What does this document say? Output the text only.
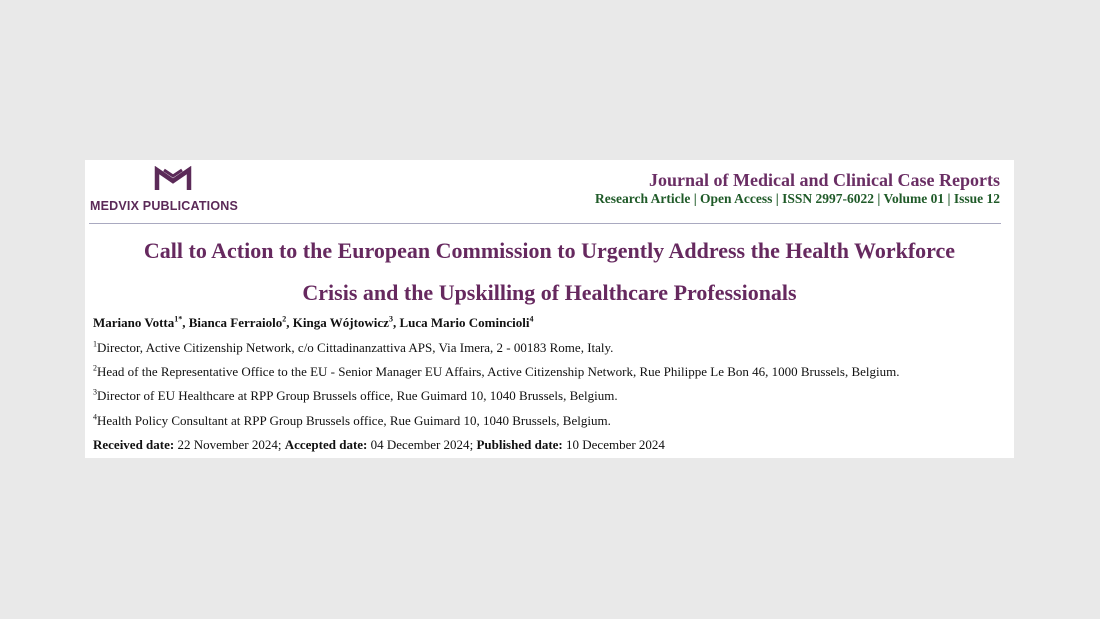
MEDVIX PUBLICATIONS
Journal of Medical and Clinical Case Reports
Research Article | Open Access | ISSN 2997-6022 | Volume 01 | Issue 12
Call to Action to the European Commission to Urgently Address the Health Workforce
Crisis and the Upskilling of Healthcare Professionals
Mariano Votta$^{1*}$, Bianca Ferraiolo$^2$, Kinga Wójtowicz$^3$, Luca Mario Comincioli$^4$
$^1$Director, Active Citizenship Network, c/o Cittadinanzattiva APS, Via Imera, 2 - 00183 Rome, Italy.
$^2$Head of the Representative Office to the EU - Senior Manager EU Affairs, Active Citizenship Network, Rue Philippe Le Bon 46, 1000 Brussels, Belgium.
$^3$Director of EU Healthcare at RPP Group Brussels office, Rue Guimard 10, 1040 Brussels, Belgium.
$^4$Health Policy Consultant at RPP Group Brussels office, Rue Guimard 10, 1040 Brussels, Belgium.
Received date: 22 November 2024; Accepted date: 04 December 2024; Published date: 10 December 2024
